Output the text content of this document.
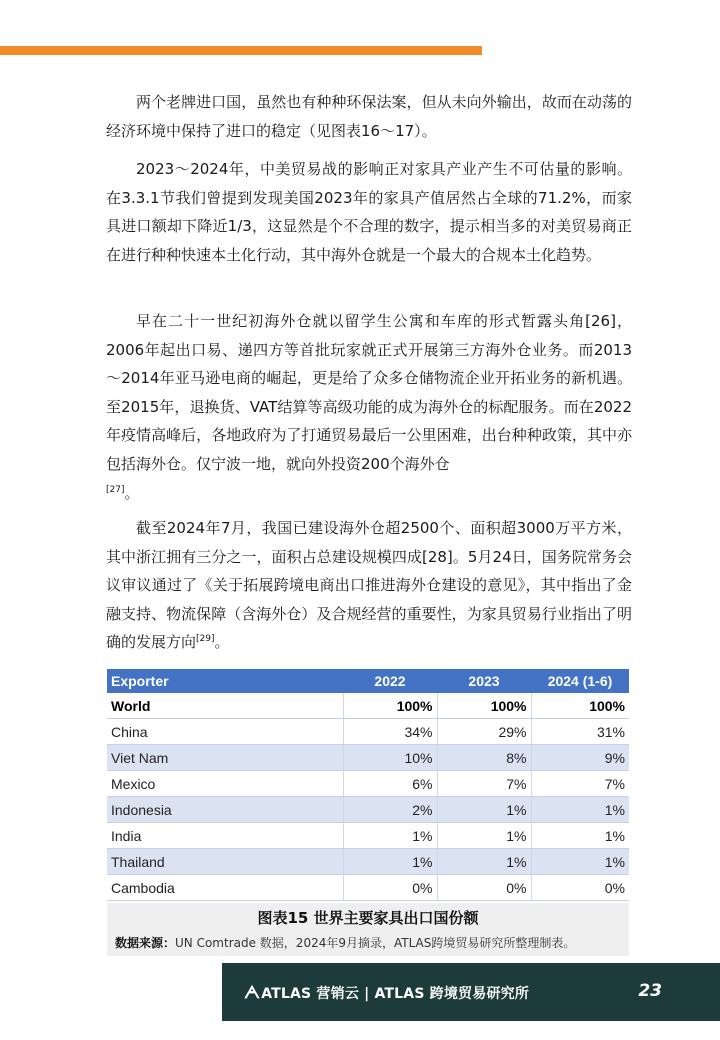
两个老牌进口国，虽然也有种种环保法案，但从未向外输出，故而在动荡的经济环境中保持了进口的稳定（见图表16～17）。

2023～2024年，中美贸易战的影响正对家具产业产生不可估量的影响。在3.3.1节我们曾提到发现美国2023年的家具产值居然占全球的71.2%，而家具进口额却下降近1/3，这显然是个不合理的数字，提示相当多的对美贸易商正在进行种种快速本土化行动，其中海外仓就是一个最大的合规本土化趋势。

早在二十一世纪初海外仓就以留学生公寓和车库的形式暂露头角[26]，2006年起出口易、递四方等首批玩家就正式开展第三方海外仓业务。而2013～2014年亚马逊电商的崛起，更是给了众多仓储物流企业开拓业务的新机遇。至2015年，退换货、VAT结算等高级功能的成为海外仓的标配服务。而在2022年疫情高峰后，各地政府为了打通贸易最后一公里困难，出台种种政策，其中亦包括海外仓。仅宁波一地，就向外投资200个海外仓
[27]。

截至2024年7月，我国已建设海外仓超2500个、面积超3000万平方米，其中浙江拥有三分之一，面积占总建设规模四成[28]。5月24日，国务院常务会议审议通过了《关于拓展跨境电商出口推进海外仓建设的意见》，其中指出了金融支持、物流保障（含海外仓）及合规经营的重要性，为家具贸易行业指出了明确的发展方向[29]。

Exporter	2022	2023	2024 (1-6)
World	100%	100%	100%
China	34%	29%	31%
Viet Nam	10%	8%	9%
Mexico	6%	7%	7%
Indonesia	2%	1%	1%
India	1%	1%	1%
Thailand	1%	1%	1%
Cambodia	0%	0%	0%
图表15 世界主要家具出口国份额
数据来源：UN Comtrade 数据，2024年9月摘录，ATLAS跨境贸易研究所整理制表。
ᗅATLAS 营销云 | ATLAS 跨境贸易研究所	23
